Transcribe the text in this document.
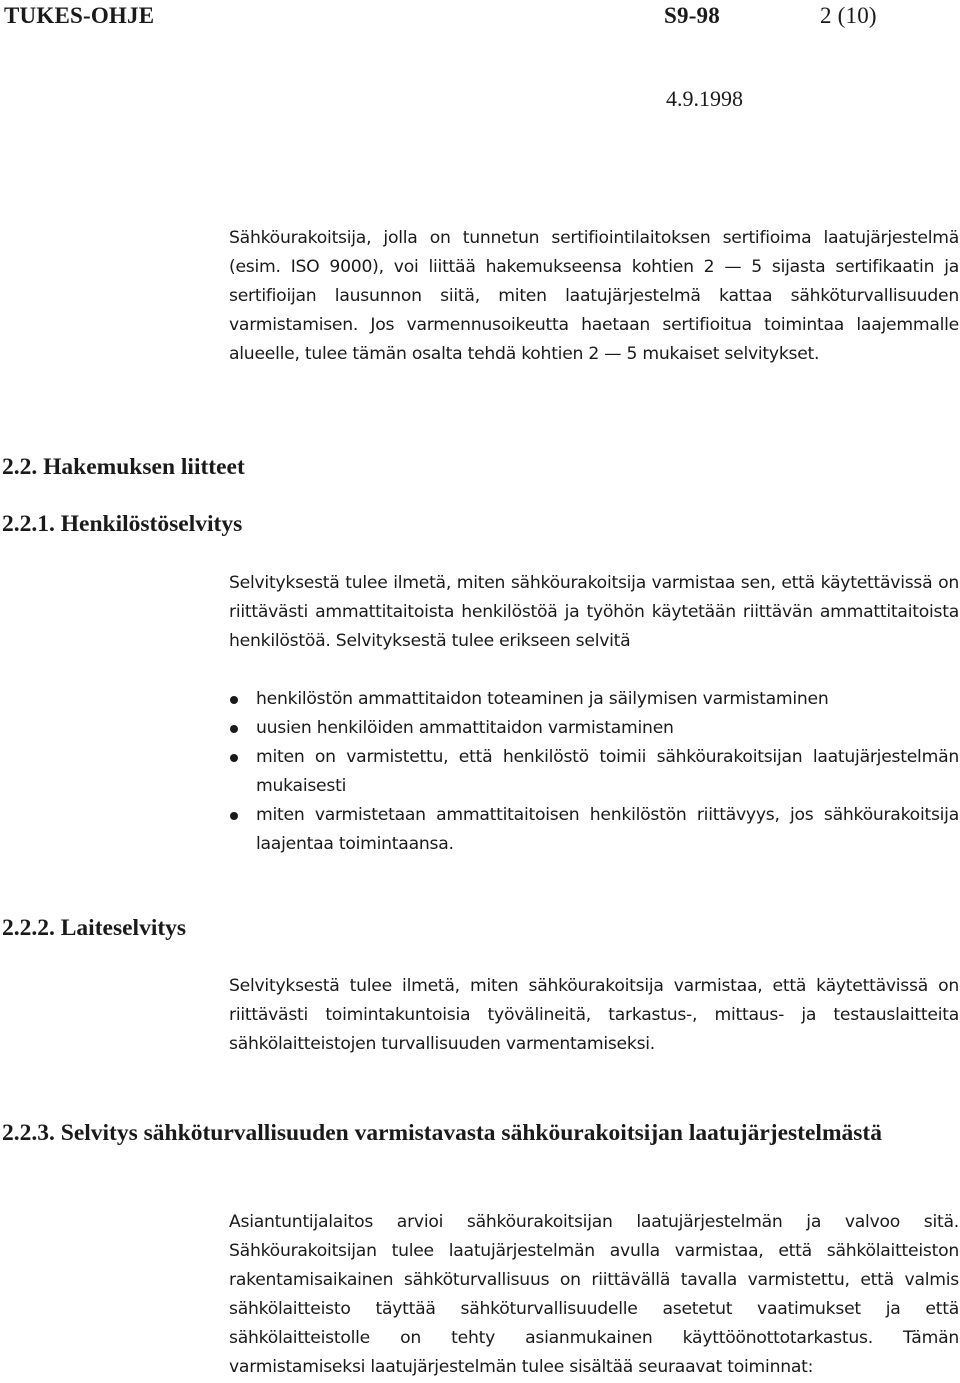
TUKES-OHJE	S9-98	2 (10)
4.9.1998
Sähköurakoitsija, jolla on tunnetun sertifiointilaitoksen sertifioima laatujärjestelmä (esim. ISO 9000), voi liittää hakemukseensa kohtien 2 — 5 sijasta sertifikaatin ja sertifioijan lausunnon siitä, miten laatujärjestelmä kattaa sähköturvallisuuden varmistamisen. Jos varmennusoikeutta haetaan sertifioitua toimintaa laajemmalle alueelle, tulee tämän osalta tehdä kohtien 2 — 5 mukaiset selvitykset.
2.2. Hakemuksen liitteet
2.2.1. Henkilöstöselvitys
Selvityksestä tulee ilmetä, miten sähköurakoitsija varmistaa sen, että käytettävissä on riittävästi ammattitaitoista henkilöstöä ja työhön käytetään riittävän ammattitaitoista henkilöstöä. Selvityksestä tulee erikseen selvitä
henkilöstön ammattitaidon toteaminen ja säilymisen varmistaminen
uusien henkilöiden ammattitaidon varmistaminen
miten on varmistettu, että henkilöstö toimii sähköurakoitsijan laatujärjestelmän mukaisesti
miten varmistetaan ammattitaitoisen henkilöstön riittävyys, jos sähköurakoitsija laajentaa toimintaansa.
2.2.2. Laiteselvitys
Selvityksestä tulee ilmetä, miten sähköurakoitsija varmistaa, että käytettävissä on riittävästi toimintakuntoisia työvälineitä, tarkastus-, mittaus- ja testauslaitteita sähkölaitteistojen turvallisuuden varmentamiseksi.
2.2.3. Selvitys sähköturvallisuuden varmistavasta sähköurakoitsijan laatujärjestelmästä
Asiantuntijalaitos arvioi sähköurakoitsijan laatujärjestelmän ja valvoo sitä. Sähköurakoitsijan tulee laatujärjestelmän avulla varmistaa, että sähkölaitteiston rakentamisaikainen sähköturvallisuus on riittävällä tavalla varmistettu, että valmis sähkölaitteisto täyttää sähköturvallisuudelle asetetut vaatimukset ja että sähkölaitteistolle on tehty asianmukainen käyttöönottotarkastus. Tämän varmistamiseksi laatujärjestelmän tulee sisältää seuraavat toiminnat:
